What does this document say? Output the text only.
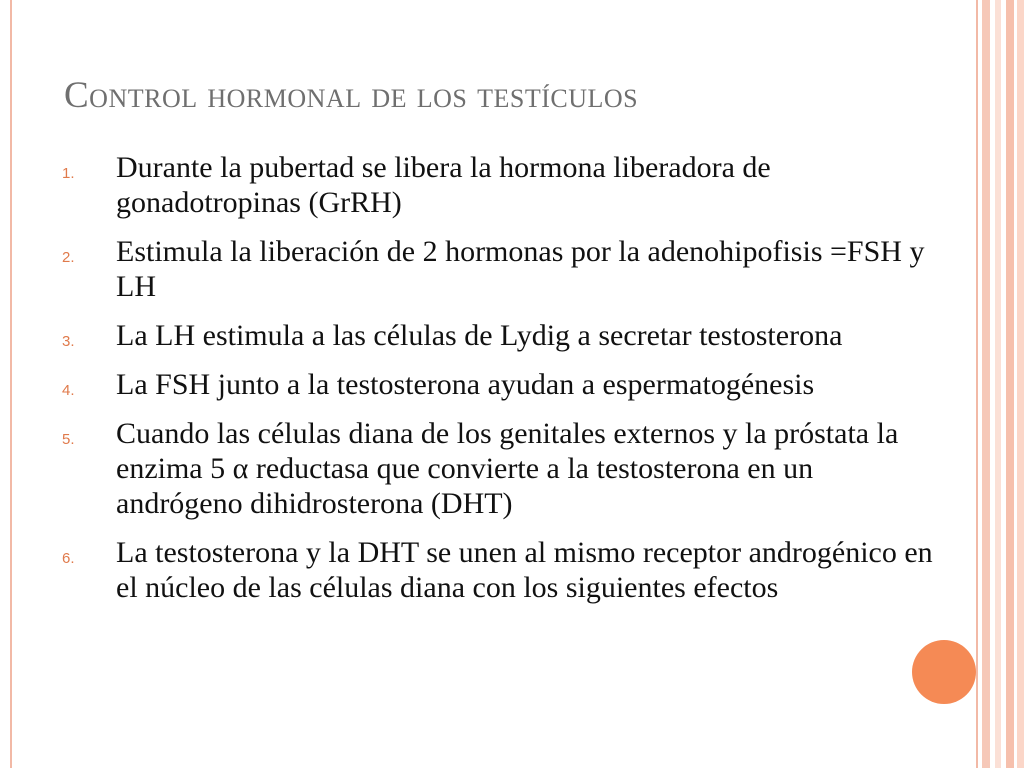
Control hormonal de los testículos
1. Durante la pubertad se libera la hormona liberadora de gonadotropinas (GrRH)
2. Estimula la liberación de 2 hormonas por la adenohipofisis =FSH y LH
3. La LH estimula a las células de Lydig a secretar testosterona
4. La FSH junto a la testosterona ayudan a espermatogénesis
5. Cuando las células diana de los genitales externos y la próstata la enzima 5 α reductasa que convierte a la testosterona en un andrógeno dihidrosterona (DHT)
6. La testosterona y la DHT se unen al mismo receptor androgénico en el núcleo de las células diana con los siguientes efectos
